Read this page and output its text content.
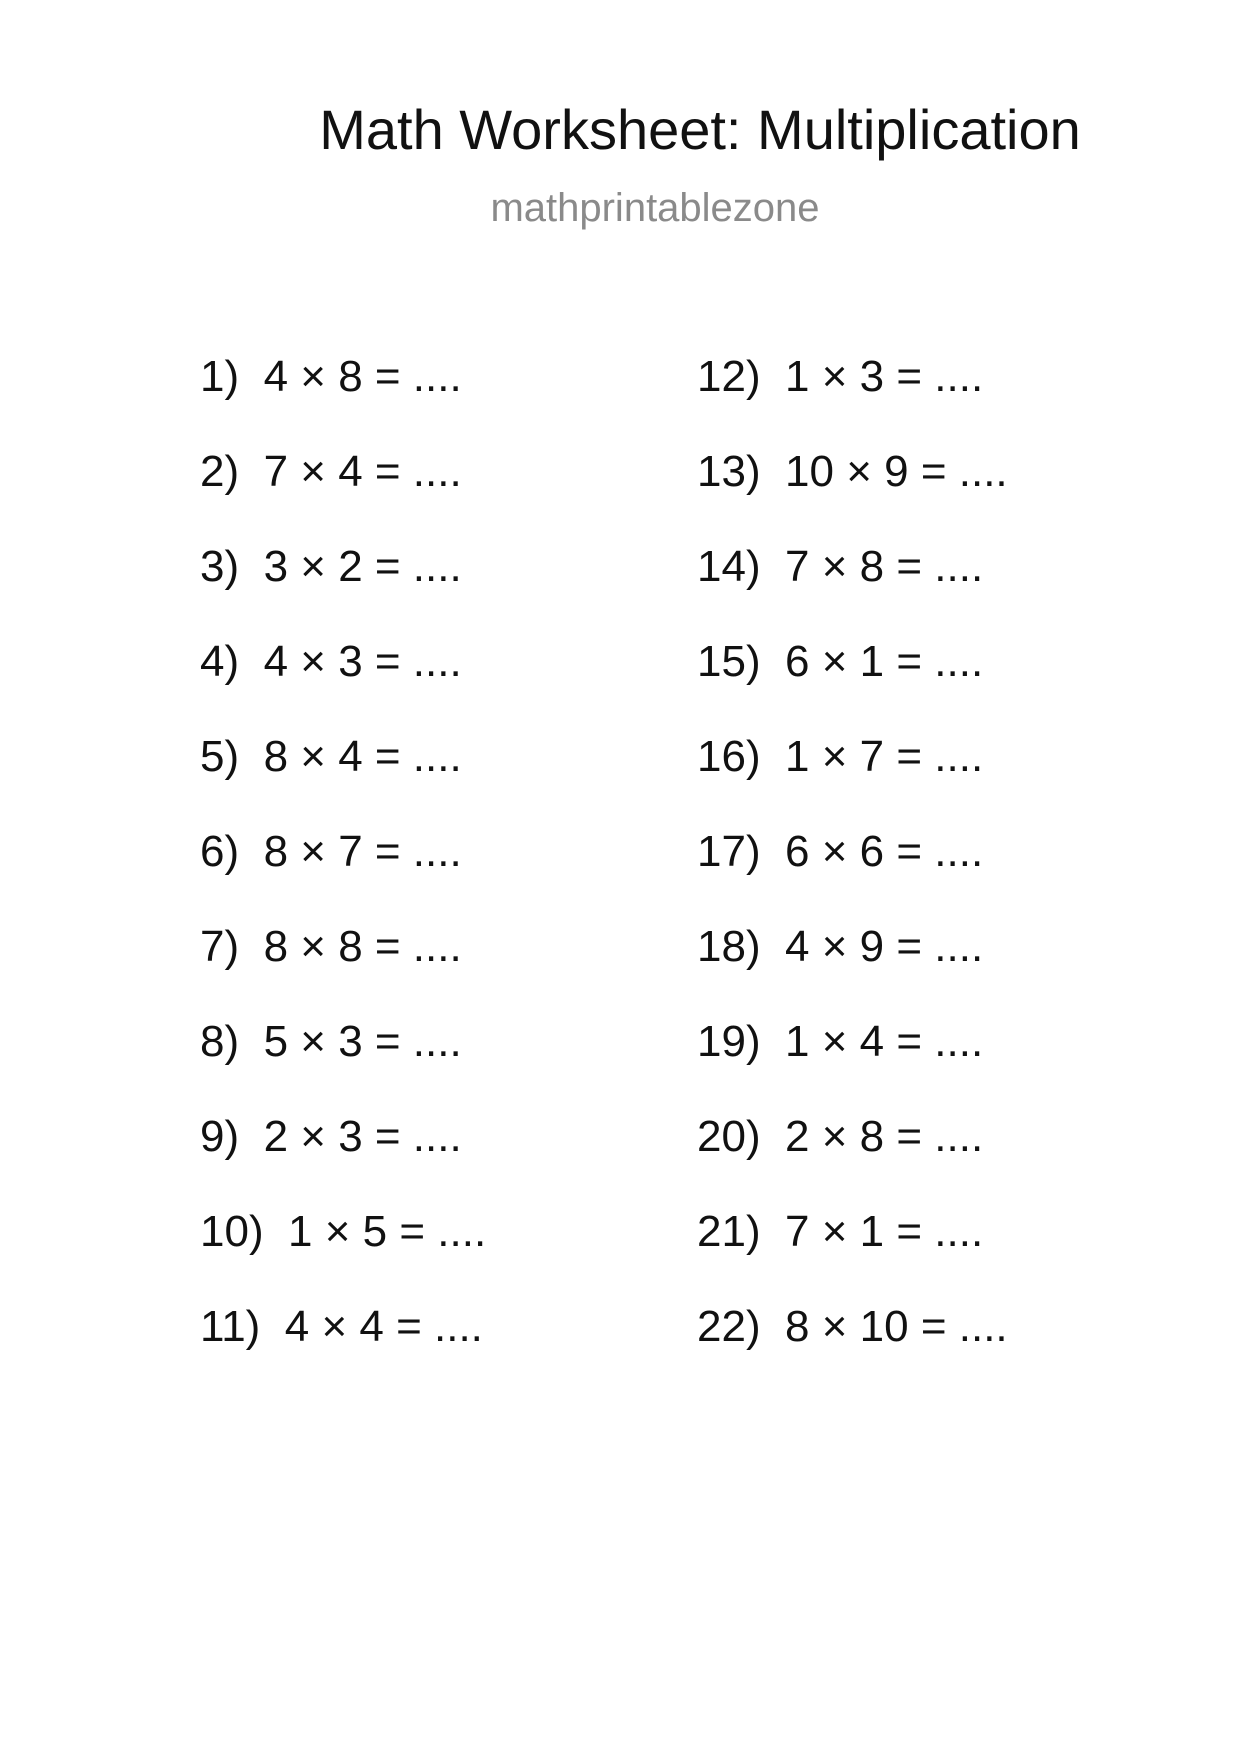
Math Worksheet: Multiplication
mathprintablezone
1)  4 × 8 = ....
2)  7 × 4 = ....
3)  3 × 2 = ....
4)  4 × 3 = ....
5)  8 × 4 = ....
6)  8 × 7 = ....
7)  8 × 8 = ....
8)  5 × 3 = ....
9)  2 × 3 = ....
10)  1 × 5 = ....
11)  4 × 4 = ....
12)  1 × 3 = ....
13)  10 × 9 = ....
14)  7 × 8 = ....
15)  6 × 1 = ....
16)  1 × 7 = ....
17)  6 × 6 = ....
18)  4 × 9 = ....
19)  1 × 4 = ....
20)  2 × 8 = ....
21)  7 × 1 = ....
22)  8 × 10 = ....
